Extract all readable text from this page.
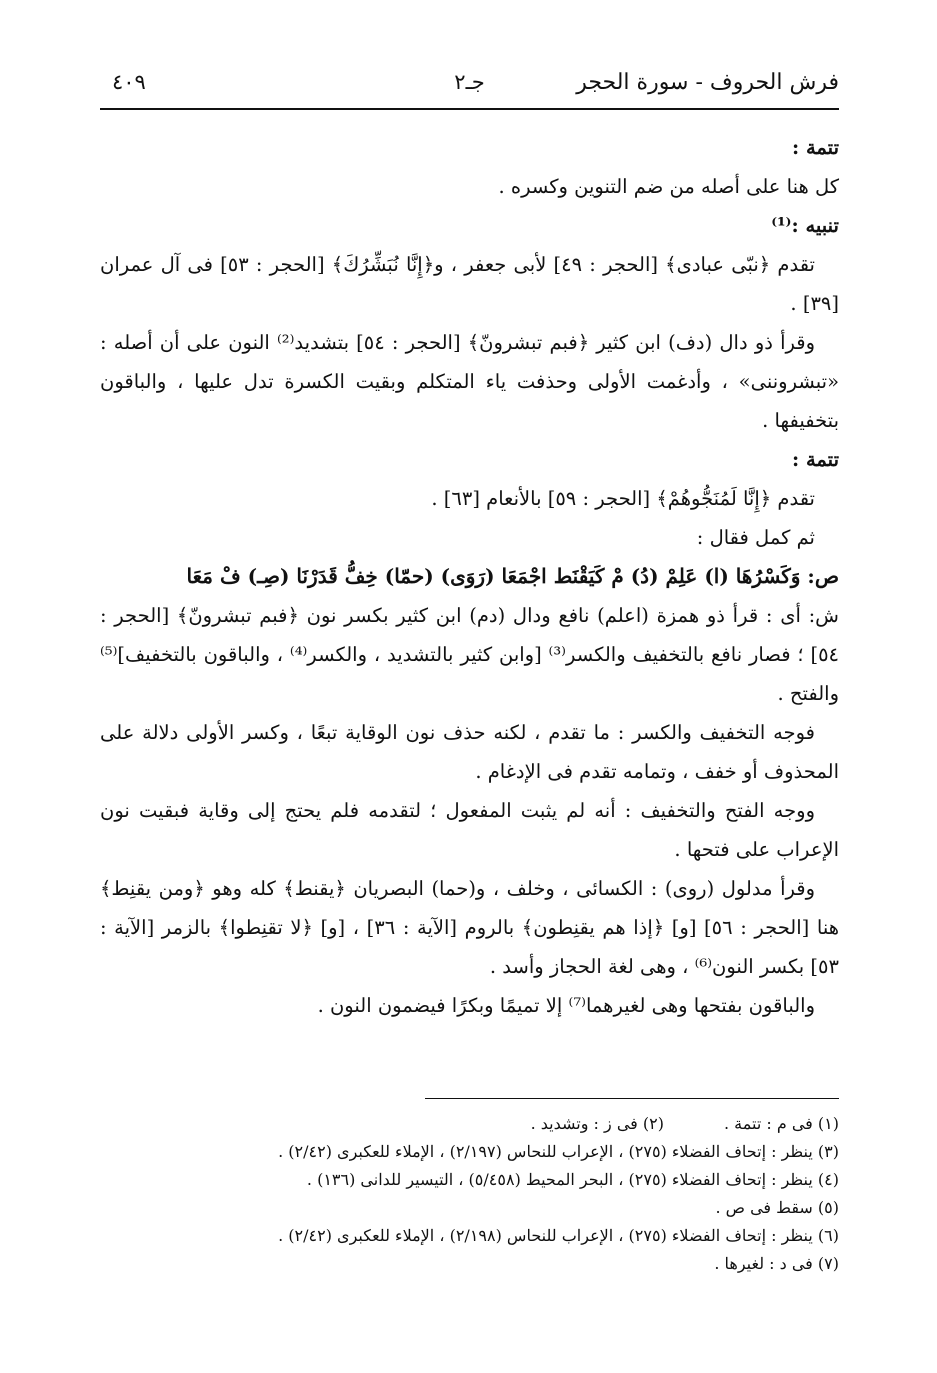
٤٠٩	جـ٢	فرش الحروف - سورة الحجر

تتمة :

كل هنا على أصله من ضم التنوين وكسره .

تنبيه :⁽¹⁾

تقدم ﴿نبّى عبادى﴾ [الحجر : ٤٩] لأبى جعفر ، و﴿إِنَّا نُبَشِّرُكَ﴾ [الحجر : ٥٣] فى آل عمران [٣٩] .

وقرأ ذو دال (دف) ابن كثير ﴿فبم تبشرونّ﴾ [الحجر : ٥٤] بتشديد⁽²⁾ النون على أن أصله : «تبشروننى» ، وأدغمت الأولى وحذفت ياء المتكلم وبقيت الكسرة تدل عليها ، والباقون بتخفيفها .

تتمة :

تقدم ﴿إِنَّا لَمُنَجُّوهُمْ﴾ [الحجر : ٥٩] بالأنعام [٦٣] .

ثم كمل فقال :

ص: وَكَسْرُهَا (ا) عَلِمْ (دُ) مْ كَيَقْنَط اجْمَعَا (رَوَى) (حمّا) خِفُّ قَدَرْنَا (صِـ) فْ مَعَا

ش: أى : قرأ ذو همزة (اعلم) نافع ودال (دم) ابن كثير بكسر نون ﴿فبم تبشرونّ﴾ [الحجر : ٥٤] ؛ فصار نافع بالتخفيف والكسر⁽³⁾ [وابن كثير بالتشديد ، والكسر⁽⁴⁾ ، والباقون بالتخفيف]⁽⁵⁾ والفتح .

فوجه التخفيف والكسر : ما تقدم ، لكنه حذف نون الوقاية تبعًا ، وكسر الأولى دلالة على المحذوف أو خفف ، وتمامه تقدم فى الإدغام .

ووجه الفتح والتخفيف : أنه لم يثبت المفعول ؛ لتقدمه فلم يحتج إلى وقاية فبقيت نون الإعراب على فتحها .

وقرأ مدلول (روى) : الكسائى ، وخلف ، و(حما) البصريان ﴿يقنط﴾ كله وهو ﴿ومن يقنِط﴾ هنا [الحجر : ٥٦] [و] ﴿إذا هم يقنِطون﴾ بالروم [الآية : ٣٦] ، [و] ﴿لا تقنِطوا﴾ بالزمر [الآية : ٥٣] بكسر النون⁽⁶⁾ ، وهى لغة الحجاز وأسد .

والباقون بفتحها وهى لغيرهما⁽⁷⁾ إلا تميمًا وبكرًا فيضمون النون .

(١) فى م : تتمة .(٢) فى ز : وتشديد .
(٣) ينظر : إتحاف الفضلاء (٢٧٥) ، الإعراب للنحاس (٢/١٩٧) ، الإملاء للعكبرى (٢/٤٢) .
(٤) ينظر : إتحاف الفضلاء (٢٧٥) ، البحر المحيط (٥/٤٥٨) ، التيسير للدانى (١٣٦) .
(٥) سقط فى ص .
(٦) ينظر : إتحاف الفضلاء (٢٧٥) ، الإعراب للنحاس (٢/١٩٨) ، الإملاء للعكبرى (٢/٤٢) .
(٧) فى د : لغيرها .
